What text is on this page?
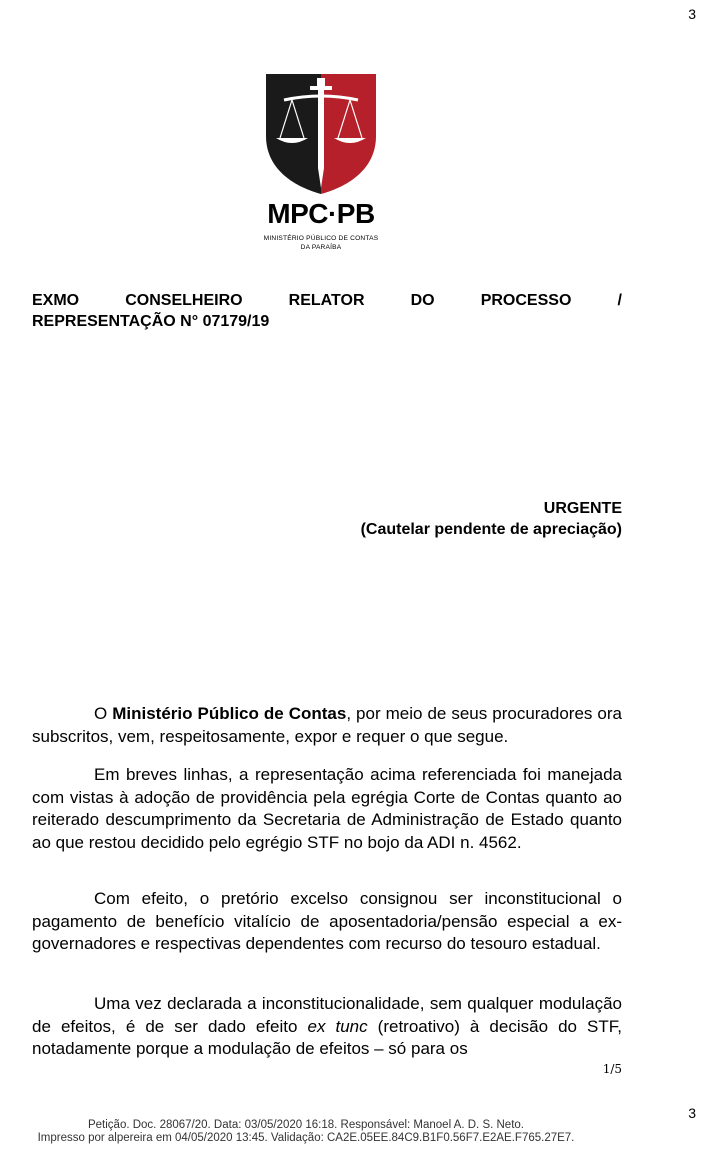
3
MPC·PB
MINISTÉRIO PÚBLICO DE CONTAS
DA PARAÍBA
EXMO	CONSELHEIRO	RELATOR	DO	PROCESSO	/
REPRESENTAÇÃO N° 07179/19
URGENTE
(Cautelar pendente de apreciação)

O Ministério Público de Contas, por meio de seus procuradores ora subscritos, vem, respeitosamente, expor e requer o que segue.

Em breves linhas, a representação acima referenciada foi manejada com vistas à adoção de providência pela egrégia Corte de Contas quanto ao reiterado descumprimento da Secretaria de Administração de Estado quanto ao que restou decidido pelo egrégio STF no bojo da ADI n. 4562.

Com efeito, o pretório excelso consignou ser inconstitucional o pagamento de benefício vitalício de aposentadoria/pensão especial a ex-governadores e respectivas dependentes com recurso do tesouro estadual.

Uma vez declarada a inconstitucionalidade, sem qualquer modulação de efeitos, é de ser dado efeito ex tunc (retroativo) à decisão do STF, notadamente porque a modulação de efeitos – só para os

1/5
3
Petição. Doc. 28067/20. Data: 03/05/2020 16:18. Responsável: Manoel A. D. S. Neto.
Impresso por alpereira em 04/05/2020 13:45. Validação: CA2E.05EE.84C9.B1F0.56F7.E2AE.F765.27E7.
